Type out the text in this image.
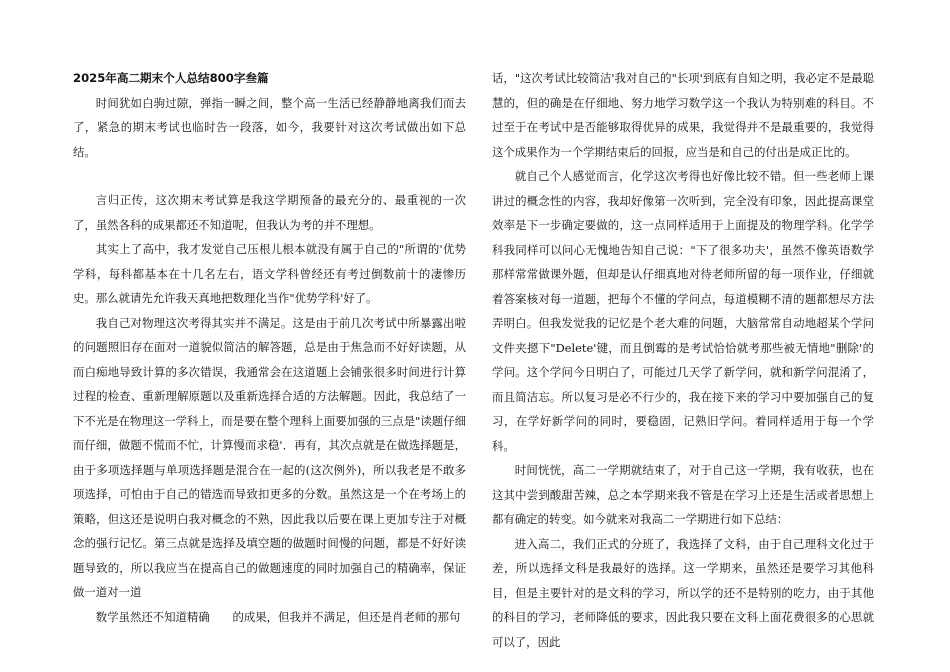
2025年高二期末个人总结800字叁篇

时间犹如白驹过隙，弹指一瞬之间，整个高一生活已经静静地离我们而去了，紧急的期末考试也临时告一段落，如今，我要针对这次考试做出如下总结。

言归正传，这次期末考试算是我这学期预备的最充分的、最重视的一次了，虽然各科的成果都还不知道呢，但我认为考的并不理想。

其实上了高中，我才发觉自己压根儿根本就没有属于自己的"所谓的'优势学科，每科都基本在十几名左右，语文学科曾经还有考过倒数前十的凄惨历史。那么就请先允许我天真地把数理化当作"优势学科'好了。

我自己对物理这次考得其实并不满足。这是由于前几次考试中所暴露出啦的问题照旧存在面对一道貌似简洁的解答题，总是由于焦急而不好好读题，从而白痴地导致计算的多次错误，我通常会在这道题上会铺张很多时间进行计算过程的检查、重新理解原题以及重新选择合适的方法解题。因此，我总结了一下不光是在物理这一学科上，而是要在整个理科上面要加强的三点是"读题仔细而仔细，做题不慌而不忙，计算慢而求稳'．再有，其次点就是在做选择题是，由于多项选择题与单项选择题是混合在一起的(这次例外)，所以我老是不敢多项选择，可怕由于自己的错选而导致扣更多的分数。虽然这是一个在考场上的策略，但这还是说明白我对概念的不熟，因此我以后要在课上更加专注于对概念的强行记忆。第三点就是选择及填空题的做题时间慢的问题，都是不好好读题导致的，所以我应当在提高自己的做题速度的同时加强自己的精确率，保证做一道对一道

数学虽然还不知道精确　　的成果，但我并不满足，但还是肖老师的那句

话，"这次考试比较简洁'我对自己的"长项'到底有自知之明，我必定不是最聪慧的，但的确是在仔细地、努力地学习数学这一个我认为特别难的科目。不过至于在考试中是否能够取得优异的成果，我觉得并不是最重要的，我觉得这个成果作为一个学期结束后的回报，应当是和自己的付出是成正比的。

就自己个人感觉而言，化学这次考得也好像比较不错。但一些老师上课讲过的概念性的内容，我却好像第一次听到，完全没有印象，因此提高课堂效率是下一步确定要做的，这一点同样适用于上面提及的物理学科。化学学科我同样可以问心无愧地告知自己说："下了很多功夫'，虽然不像英语数学那样常常做课外题，但却是认仔细真地对待老师所留的每一项作业，仔细就着答案核对每一道题，把每个不懂的学问点，每道模糊不清的题都想尽方法弄明白。但我发觉我的记忆是个老大难的问题，大脑常常自动地超某个学问文件夹摁下"Delete'键，而且倒霉的是考试恰恰就考那些被无情地"删除'的学问。这个学问今日明白了，可能过几天学了新学问，就和新学问混淆了，而且简洁忘。所以复习是必不行少的，我在接下来的学习中要加强自己的复习，在学好新学问的同时，要稳固，记熟旧学问。着同样适用于每一个学科。

时间恍恍，高二一学期就结束了，对于自己这一学期，我有收获，也在这其中尝到酸甜苦辣，总之本学期来我不管是在学习上还是生活或者思想上都有确定的转变。如今就来对我高二一学期进行如下总结：

进入高二，我们正式的分班了，我选择了文科，由于自己理科文化过于差，所以选择文科是我最好的选择。这一学期来，虽然还是要学习其他科目，但是主要针对的是文科的学习，所以学的还不是特别的吃力，由于其他的科目的学习，老师降低的要求，因此我只要在文科上面花费很多的心思就可以了，因此
